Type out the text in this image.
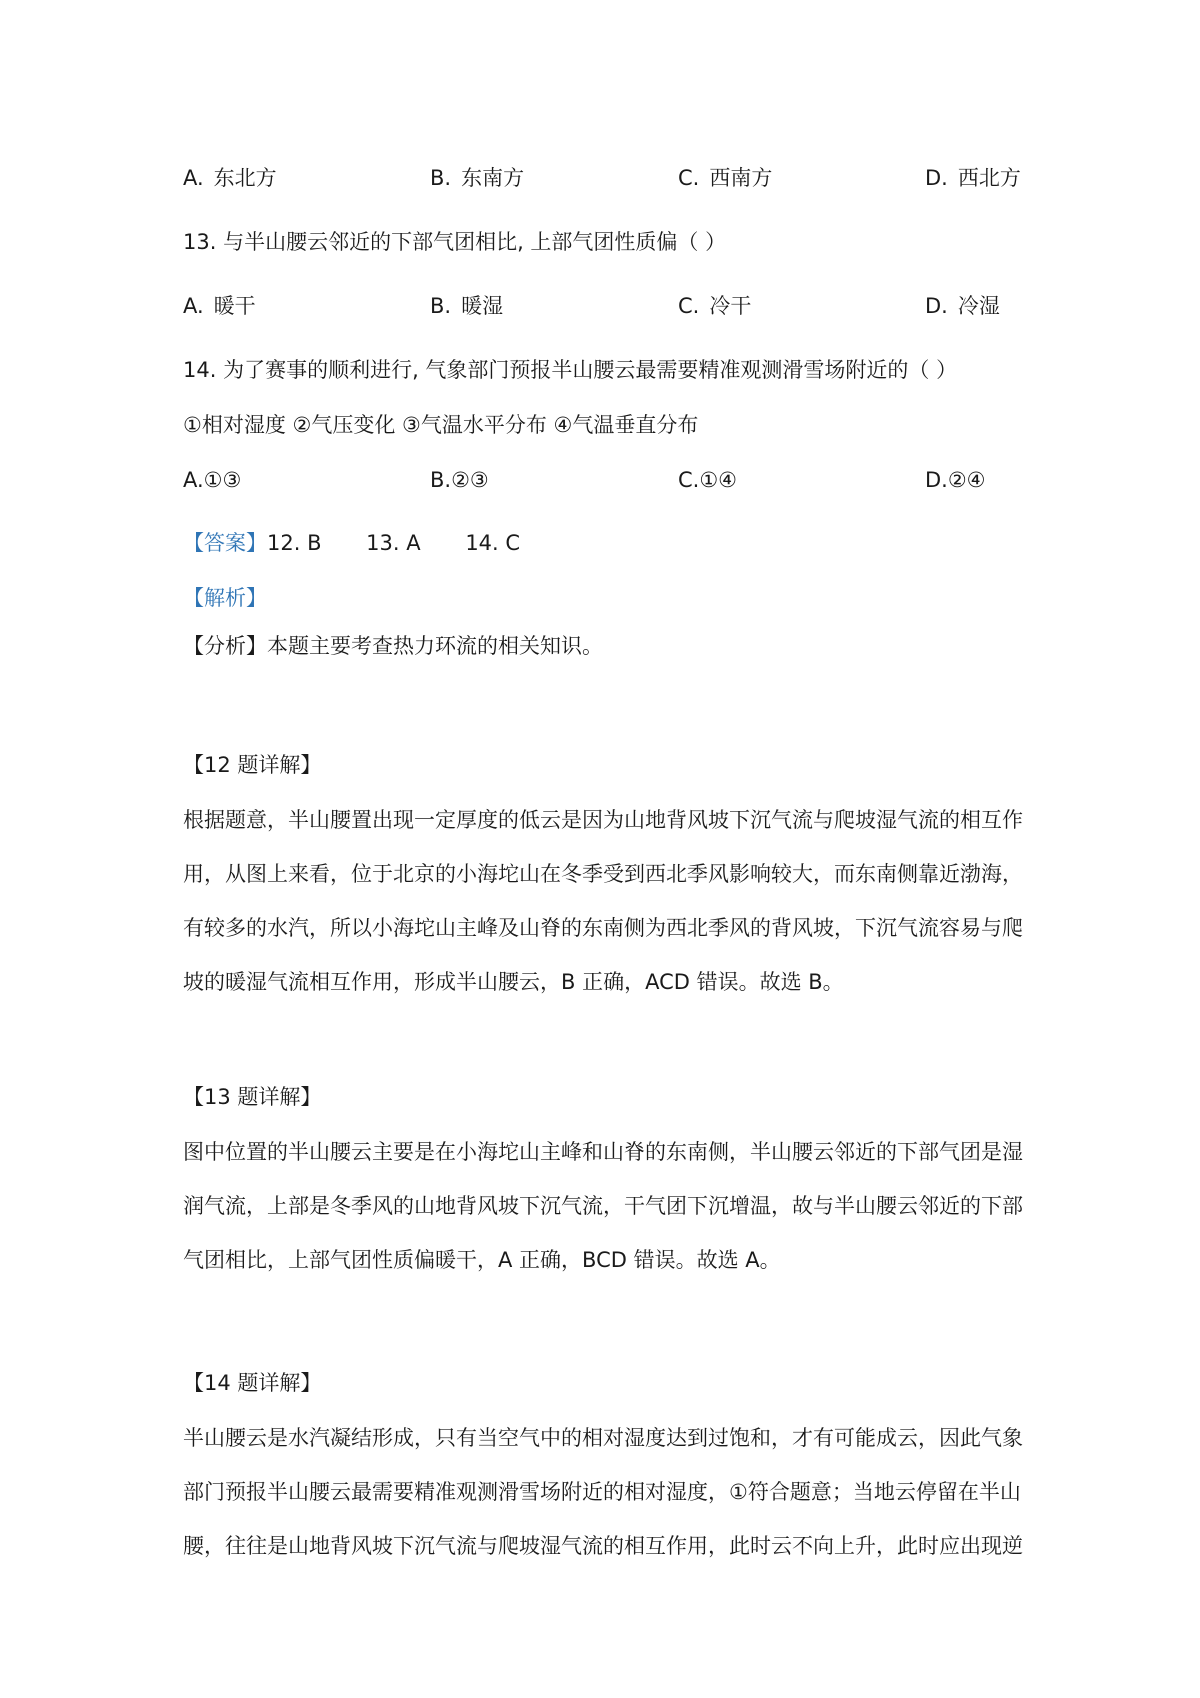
A. 东北方	B. 东南方	C. 西南方	D. 西北方
13. 与半山腰云邻近的下部气团相比, 上部气团性质偏（ ）
A. 暖干	B. 暖湿	C. 冷干	D. 冷湿
14. 为了赛事的顺利进行, 气象部门预报半山腰云最需要精准观测滑雪场附近的（ ）
①相对湿度 ②气压变化 ③气温水平分布 ④气温垂直分布
A.①③	B.②③	C.①④	D.②④
【答案】12. B 13. A 14. C
【解析】
【分析】本题主要考查热力环流的相关知识。
【12 题详解】
根据题意，半山腰置出现一定厚度的低云是因为山地背风坡下沉气流与爬坡湿气流的相互作
用，从图上来看，位于北京的小海坨山在冬季受到西北季风影响较大，而东南侧靠近渤海，
有较多的水汽，所以小海坨山主峰及山脊的东南侧为西北季风的背风坡，下沉气流容易与爬
坡的暖湿气流相互作用，形成半山腰云，B 正确，ACD 错误。故选 B。
【13 题详解】
图中位置的半山腰云主要是在小海坨山主峰和山脊的东南侧，半山腰云邻近的下部气团是湿
润气流，上部是冬季风的山地背风坡下沉气流，干气团下沉增温，故与半山腰云邻近的下部
气团相比，上部气团性质偏暖干，A 正确，BCD 错误。故选 A。
【14 题详解】
半山腰云是水汽凝结形成，只有当空气中的相对湿度达到过饱和，才有可能成云，因此气象
部门预报半山腰云最需要精准观测滑雪场附近的相对湿度，①符合题意；当地云停留在半山
腰，往往是山地背风坡下沉气流与爬坡湿气流的相互作用，此时云不向上升，此时应出现逆
